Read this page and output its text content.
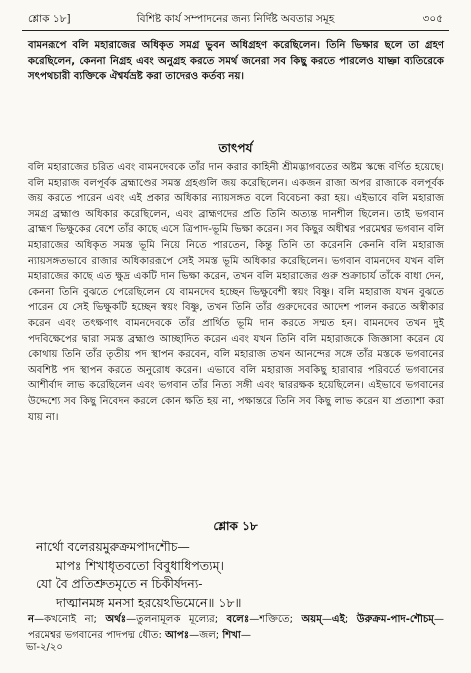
শ্লোক ১৮]	বিশিষ্ট কার্য সম্পাদনের জন্য নির্দিষ্ট অবতার সমূহ	৩০৫

বামনরূপে বলি মহারাজের অধিকৃত সমগ্র ভুবন অধিগ্রহণ করেছিলেন। তিনি ভিক্ষার ছলে তা গ্রহণ করেছিলেন, কেননা নিগ্রহ এবং অনুগ্রহ করতে সমর্থ জনেরা সব কিছু করতে পারলেও যাচ্ঞা ব্যতিরেকে সৎপথচারী ব্যক্তিকে ঐশ্বর্যভ্রষ্ট করা তাদেরও কর্তব্য নয়।

তাৎপর্য

বলি মহারাজের চরিত এবং বামনদেবকে তাঁর দান করার কাহিনী শ্রীমদ্ভাগবতের অষ্টম স্কন্ধে বর্ণিত হয়েছে। বলি মহারাজ বলপূর্বক ব্রহ্মাণ্ডের সমস্ত গ্রহগুলি জয় করেছিলেন। একজন রাজা অপর রাজাকে বলপূর্বক জয় করতে পারেন এবং এই প্রকার অধিকার ন্যায়সঙ্গত বলে বিবেচনা করা হয়। এইভাবে বলি মহারাজ সমগ্র ব্রহ্মাণ্ড অধিকার করেছিলেন, এবং ব্রাহ্মণদের প্রতি তিনি অত্যন্ত দানশীল ছিলেন। তাই ভগবান ব্রাহ্মণ ভিক্ষুকের বেশে তাঁর কাছে এসে ত্রিপাদ-ভূমি ভিক্ষা করেন। সব কিছুর অধীশ্বর পরমেশ্বর ভগবান বলি মহারাজের অধিকৃত সমস্ত ভূমি নিয়ে নিতে পারতেন, কিন্তু তিনি তা করেননি কেননি বলি মহারাজ ন্যায়সঙ্গতভাবে রাজার অধিকাররূপে সেই সমস্ত ভূমি অধিকার করেছিলেন। ভগবান বামনদেব যখন বলি মহারাজের কাছে এত ক্ষুদ্র একটি দান ভিক্ষা করেন, তখন বলি মহারাজের গুরু শুক্রাচার্য তাঁকে বাধা দেন, কেননা তিনি বুঝতে পেরেছিলেন যে বামনদেব হচ্ছেন ভিক্ষুবেশী স্বয়ং বিষ্ণু। বলি মহারাজ যখন বুঝতে পারেন যে সেই ভিক্ষুকটি হচ্ছেন স্বয়ং বিষ্ণু, তখন তিনি তাঁর গুরুদেবের আদেশ পালন করতে অস্বীকার করেন এবং তৎক্ষণাৎ বামনদেবকে তাঁর প্রার্থিত ভূমি দান করতে সম্মত হন। বামনদেব তখন দুই পদবিক্ষেপের দ্বারা সমস্ত ব্রহ্মাণ্ড আচ্ছাদিত করেন এবং যখন তিনি বলি মহারাজকে জিজ্ঞাসা করেন যে কোথায় তিনি তাঁর তৃতীয় পদ স্থাপন করবেন, বলি মহারাজ তখন আনন্দের সঙ্গে তাঁর মস্তকে ভগবানের অবশিষ্ট পদ স্থাপন করতে অনুরোধ করেন। এভাবে বলি মহারাজ সবকিছু হারাবার পরিবর্তে ভগবানের আশীর্বাদ লাভ করেছিলেন এবং ভগবান তাঁর নিত্য সঙ্গী এবং দ্বাররক্ষক হয়েছিলেন। এইভাবে ভগবানের উদ্দেশ্যে সব কিছু নিবেদন করলে কোন ক্ষতি হয় না, পক্ষান্তরে তিনি সব কিছু লাভ করেন যা প্রত্যাশা করা যায় না।

শ্লোক ১৮

নার্থো বলেরয়মুরুক্রমপাদশৌচ—
মাপঃ শিখাধৃতবতো বিবুধাধিপত্যম্।
যো বৈ প্রতিশ্রুতমৃতে ন চিকীর্ষদন্য-
দাত্মানমঙ্গ মনসা হরয়েঽভিমেনে॥ ১৮॥

ন—কখনোই না; অর্থঃ—তুলনামূলক মূল্যের; বলেঃ—শক্তিতে; অয়ম্—এই; উরুক্রম-পাদ-শৌচম্—পরমেশ্বর ভগবানের পাদপদ্ম ধৌত: আপঃ—জল; শিখা—

ভা-২/২০
